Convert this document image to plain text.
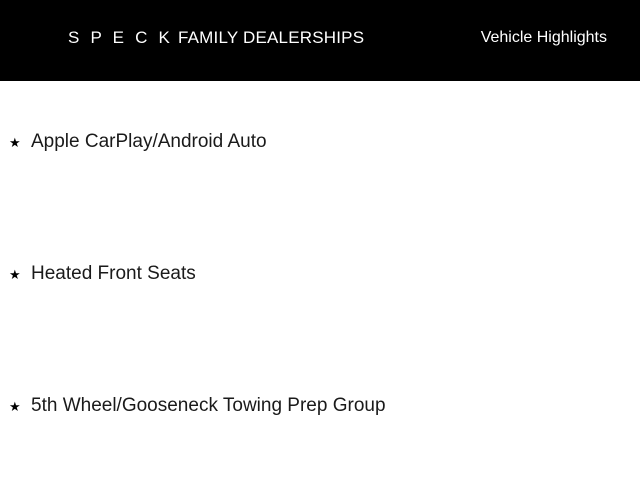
S P E C K FAMILY DEALERSHIPS	Vehicle Highlights
★ Apple CarPlay/Android Auto
★ Heated Front Seats
★ 5th Wheel/Gooseneck Towing Prep Group
